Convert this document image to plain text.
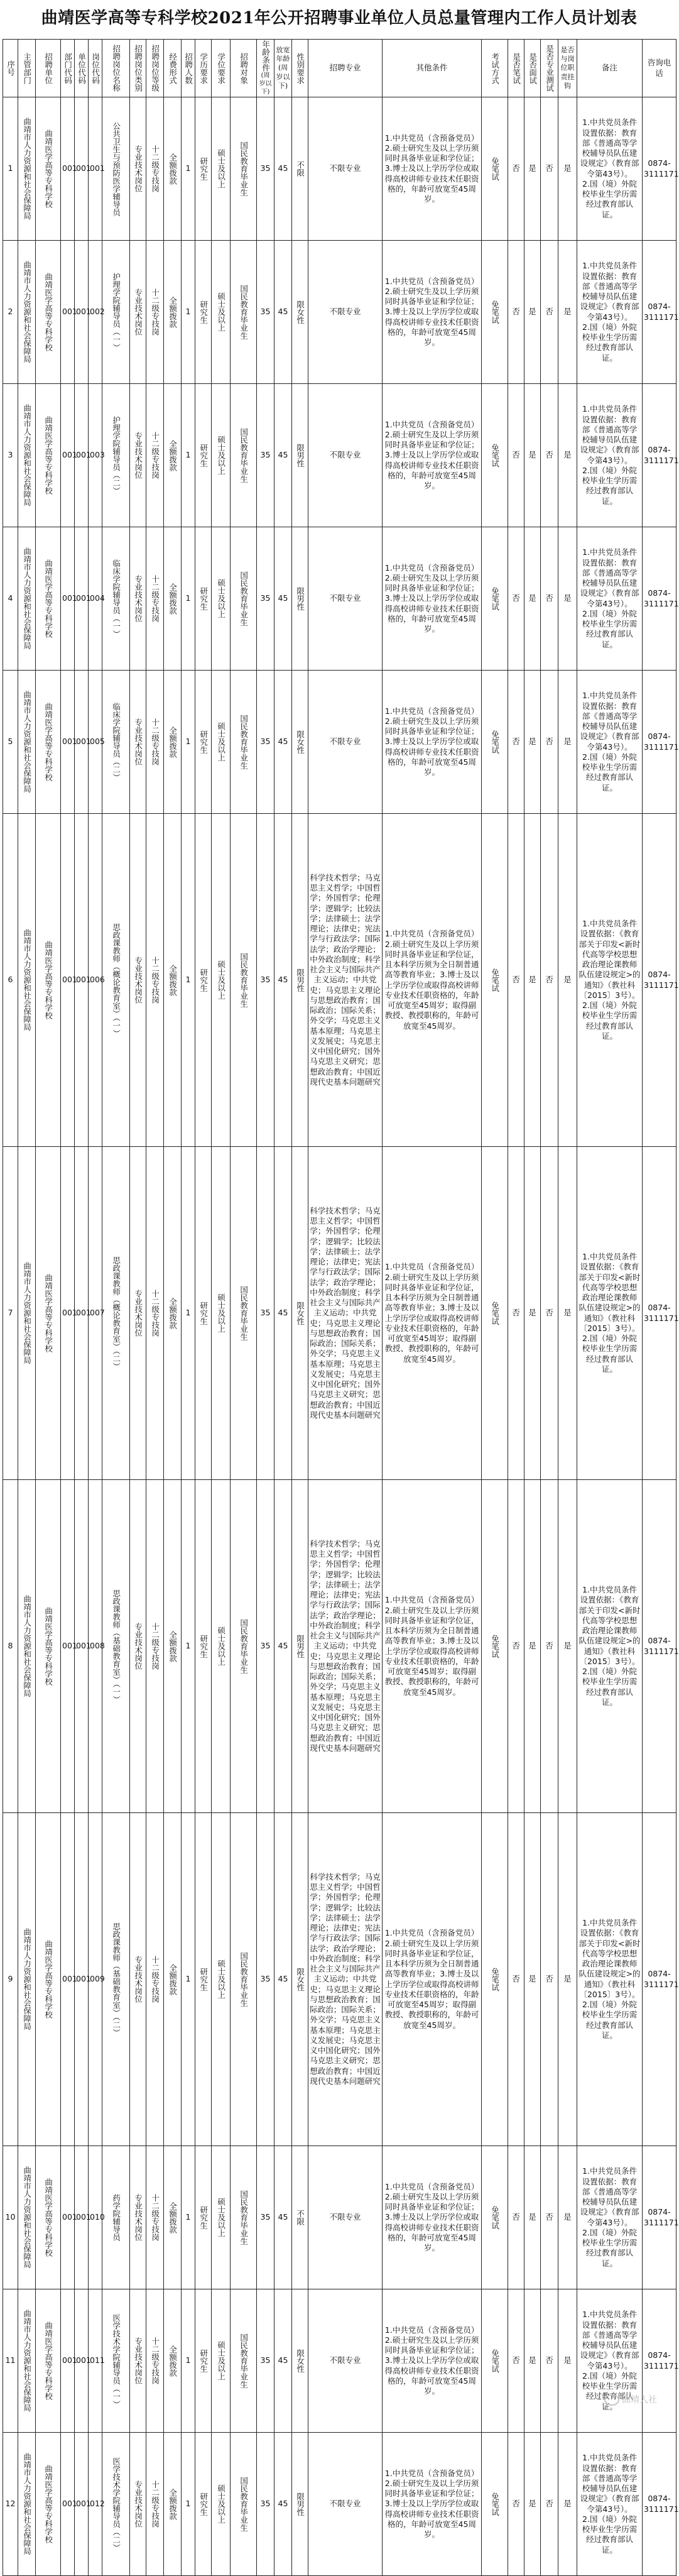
曲靖医学高等专科学校2021年公开招聘事业单位人员总量管理内工作人员计划表
序号	主管部门	招聘单位	部门代码	单位代码	岗位代码	招聘岗位名称	招聘岗位类别	招聘岗位等级	经费形式	招聘人数	学历要求	学位要求	招聘对象	年龄条件
(周岁以下)	放宽年龄(周岁以下)	性别要求	招聘专业	其他条件	考试方式	是否笔试	是否面试	是否专业测试	是否与岗位职责挂钩	备注	咨询电话
1	曲靖市人力资源和社会保障局	曲靖医学高等专科学校	001	001	001	公共卫生与预防医学辅导员	专业技术岗位	十二级专技岗	全额拨款	1	研究生	硕士及以上	国民教育毕业生	35	45	不限	不限专业	1.中共党员（含预备党员）
2.硕士研究生及以上学历须同时具备毕业证和学位证；3.博士及以上学历学位或取得高校讲师专业技术任职资格的，年龄可放宽至45周岁。	免笔试	否	是	否	是	1.中共党员条件设置依据：教育部《普通高等学校辅导员队伍建设规定》（教育部令第43号）。
2.国（境）外院校毕业生学历需经过教育部认证。	0874-3111171
2	曲靖市人力资源和社会保障局	曲靖医学高等专科学校	001	001	002	护理学院辅导员（一）	专业技术岗位	十二级专技岗	全额拨款	1	研究生	硕士及以上	国民教育毕业生	35	45	限女性	不限专业	1.中共党员（含预备党员）
2.硕士研究生及以上学历须同时具备毕业证和学位证；3.博士及以上学历学位或取得高校讲师专业技术任职资格的，年龄可放宽至45周岁。	免笔试	否	是	否	是	1.中共党员条件设置依据：教育部《普通高等学校辅导员队伍建设规定》（教育部令第43号）。
2.国（境）外院校毕业生学历需经过教育部认证。	0874-3111171
3	曲靖市人力资源和社会保障局	曲靖医学高等专科学校	001	001	003	护理学院辅导员（二）	专业技术岗位	十二级专技岗	全额拨款	1	研究生	硕士及以上	国民教育毕业生	35	45	限男性	不限专业	1.中共党员（含预备党员）
2.硕士研究生及以上学历须同时具备毕业证和学位证；3.博士及以上学历学位或取得高校讲师专业技术任职资格的，年龄可放宽至45周岁。	免笔试	否	是	否	是	1.中共党员条件设置依据：教育部《普通高等学校辅导员队伍建设规定》（教育部令第43号）。
2.国（境）外院校毕业生学历需经过教育部认证。	0874-3111171
4	曲靖市人力资源和社会保障局	曲靖医学高等专科学校	001	001	004	临床学院辅导员（一）	专业技术岗位	十二级专技岗	全额拨款	1	研究生	硕士及以上	国民教育毕业生	35	45	限男性	不限专业	1.中共党员（含预备党员）
2.硕士研究生及以上学历须同时具备毕业证和学位证；3.博士及以上学历学位或取得高校讲师专业技术任职资格的，年龄可放宽至45周岁。	免笔试	否	是	否	是	1.中共党员条件设置依据：教育部《普通高等学校辅导员队伍建设规定》（教育部令第43号）。
2.国（境）外院校毕业生学历需经过教育部认证。	0874-3111171
5	曲靖市人力资源和社会保障局	曲靖医学高等专科学校	001	001	005	临床学院辅导员（二）	专业技术岗位	十二级专技岗	全额拨款	1	研究生	硕士及以上	国民教育毕业生	35	45	限女性	不限专业	1.中共党员（含预备党员）
2.硕士研究生及以上学历须同时具备毕业证和学位证；3.博士及以上学历学位或取得高校讲师专业技术任职资格的，年龄可放宽至45周岁。	免笔试	否	是	否	是	1.中共党员条件设置依据：教育部《普通高等学校辅导员队伍建设规定》（教育部令第43号）。
2.国（境）外院校毕业生学历需经过教育部认证。	0874-3111171
6	曲靖市人力资源和社会保障局	曲靖医学高等专科学校	001	001	006	思政课教师（概论教育室）（一）	专业技术岗位	十二级专技岗	全额拨款	1	研究生	硕士及以上	国民教育毕业生	35	45	限男性	科学技术哲学；马克思主义哲学；中国哲学；外国哲学；伦理学；逻辑学；比较法学；法律硕士；法学理论；法律史；宪法学与行政法学；国际法学；政治学理论；中外政治制度；科学社会主义与国际共产主义运动；中共党史；马克思主义理论与思想政治教育；国际政治；国际关系；外交学；马克思主义基本原理；马克思主义发展史；马克思主义中国化研究；国外马克思主义研究；思想政治教育；中国近现代史基本问题研究	1.中共党员（含预备党员）
2.硕士研究生及以上学历须同时具备毕业证和学位证，且本科学历须为全日制普通高等教育毕业；3.博士及以上学历学位或取得高校讲师专业技术任职资格的，年龄可放宽至45周岁；取得副教授、教授职称的，年龄可放宽至45周岁。	免笔试	否	是	否	是	1.中共党员条件设置依据：《教育部关于印发<新时代高等学校思想政治理论课教师队伍建设规定>的通知》（教社科〔2015〕3号）。
2.国（境）外院校毕业生学历需经过教育部认证。	0874-3111171
7	曲靖市人力资源和社会保障局	曲靖医学高等专科学校	001	001	007	思政课教师（概论教育室）（二）	专业技术岗位	十二级专技岗	全额拨款	1	研究生	硕士及以上	国民教育毕业生	35	45	限女性	科学技术哲学；马克思主义哲学；中国哲学；外国哲学；伦理学；逻辑学；比较法学；法律硕士；法学理论；法律史；宪法学与行政法学；国际法学；政治学理论；中外政治制度；科学社会主义与国际共产主义运动；中共党史；马克思主义理论与思想政治教育；国际政治；国际关系；外交学；马克思主义基本原理；马克思主义发展史；马克思主义中国化研究；国外马克思主义研究；思想政治教育；中国近现代史基本问题研究	1.中共党员（含预备党员）
2.硕士研究生及以上学历须同时具备毕业证和学位证，且本科学历须为全日制普通高等教育毕业；3.博士及以上学历学位或取得高校讲师专业技术任职资格的，年龄可放宽至45周岁；取得副教授、教授职称的，年龄可放宽至45周岁。	免笔试	否	是	否	是	1.中共党员条件设置依据：《教育部关于印发<新时代高等学校思想政治理论课教师队伍建设规定>的通知》（教社科〔2015〕3号）。
2.国（境）外院校毕业生学历需经过教育部认证。	0874-3111171
8	曲靖市人力资源和社会保障局	曲靖医学高等专科学校	001	001	008	思政课教师（基础教育室）（一）	专业技术岗位	十二级专技岗	全额拨款	1	研究生	硕士及以上	国民教育毕业生	35	45	限男性	科学技术哲学；马克思主义哲学；中国哲学；外国哲学；伦理学；逻辑学；比较法学；法律硕士；法学理论；法律史；宪法学与行政法学；国际法学；政治学理论；中外政治制度；科学社会主义与国际共产主义运动；中共党史；马克思主义理论与思想政治教育；国际政治；国际关系；外交学；马克思主义基本原理；马克思主义发展史；马克思主义中国化研究；国外马克思主义研究；思想政治教育；中国近现代史基本问题研究	1.中共党员（含预备党员）
2.硕士研究生及以上学历须同时具备毕业证和学位证，且本科学历须为全日制普通高等教育毕业；3.博士及以上学历学位或取得高校讲师专业技术任职资格的，年龄可放宽至45周岁；取得副教授、教授职称的，年龄可放宽至45周岁。	免笔试	否	是	否	是	1.中共党员条件设置依据：《教育部关于印发<新时代高等学校思想政治理论课教师队伍建设规定>的通知》（教社科〔2015〕3号）。
2.国（境）外院校毕业生学历需经过教育部认证。	0874-3111171
9	曲靖市人力资源和社会保障局	曲靖医学高等专科学校	001	001	009	思政课教师（基础教育室）（二）	专业技术岗位	十二级专技岗	全额拨款	1	研究生	硕士及以上	国民教育毕业生	35	45	限女性	科学技术哲学；马克思主义哲学；中国哲学；外国哲学；伦理学；逻辑学；比较法学；法律硕士；法学理论；法律史；宪法学与行政法学；国际法学；政治学理论；中外政治制度；科学社会主义与国际共产主义运动；中共党史；马克思主义理论与思想政治教育；国际政治；国际关系；外交学；马克思主义基本原理；马克思主义发展史；马克思主义中国化研究；国外马克思主义研究；思想政治教育；中国近现代史基本问题研究	1.中共党员（含预备党员）
2.硕士研究生及以上学历须同时具备毕业证和学位证，且本科学历须为全日制普通高等教育毕业；3.博士及以上学历学位或取得高校讲师专业技术任职资格的，年龄可放宽至45周岁；取得副教授、教授职称的，年龄可放宽至45周岁。	免笔试	否	是	否	是	1.中共党员条件设置依据：《教育部关于印发<新时代高等学校思想政治理论课教师队伍建设规定>的通知》（教社科〔2015〕3号）。
2.国（境）外院校毕业生学历需经过教育部认证。	0874-3111171
10	曲靖市人力资源和社会保障局	曲靖医学高等专科学校	001	001	010	药学院辅导员	专业技术岗位	十二级专技岗	全额拨款	1	研究生	硕士及以上	国民教育毕业生	35	45	不限	不限专业	1.中共党员（含预备党员）
2.硕士研究生及以上学历须同时具备毕业证和学位证；3.博士及以上学历学位或取得高校讲师专业技术任职资格的，年龄可放宽至45周岁。	免笔试	否	是	否	是	1.中共党员条件设置依据：教育部《普通高等学校辅导员队伍建设规定》（教育部令第43号）。
2.国（境）外院校毕业生学历需经过教育部认证。	0874-3111171
11	曲靖市人力资源和社会保障局	曲靖医学高等专科学校	001	001	011	医学技术学院辅导员（一）	专业技术岗位	十二级专技岗	全额拨款	1	研究生	硕士及以上	国民教育毕业生	35	45	限女性	不限专业	1.中共党员（含预备党员）
2.硕士研究生及以上学历须同时具备毕业证和学位证；3.博士及以上学历学位或取得高校讲师专业技术任职资格的，年龄可放宽至45周岁。	免笔试	否	是	否	是	1.中共党员条件设置依据：教育部《普通高等学校辅导员队伍建设规定》（教育部令第43号）。
2.国（境）外院校毕业生学历需经过教育部认证。	0874-3111171
12	曲靖市人力资源和社会保障局	曲靖医学高等专科学校	001	001	012	医学技术学院辅导员（二）	专业技术岗位	十二级专技岗	全额拨款	1	研究生	硕士及以上	国民教育毕业生	35	45	限男性	不限专业	1.中共党员（含预备党员）
2.硕士研究生及以上学历须同时具备毕业证和学位证；3.博士及以上学历学位或取得高校讲师专业技术任职资格的，年龄可放宽至45周岁。	免笔试	否	是	否	是	1.中共党员条件设置依据：教育部《普通高等学校辅导员队伍建设规定》（教育部令第43号）。
2.国（境）外院校毕业生学历需经过教育部认证。	0874-3111171
曲靖人社
